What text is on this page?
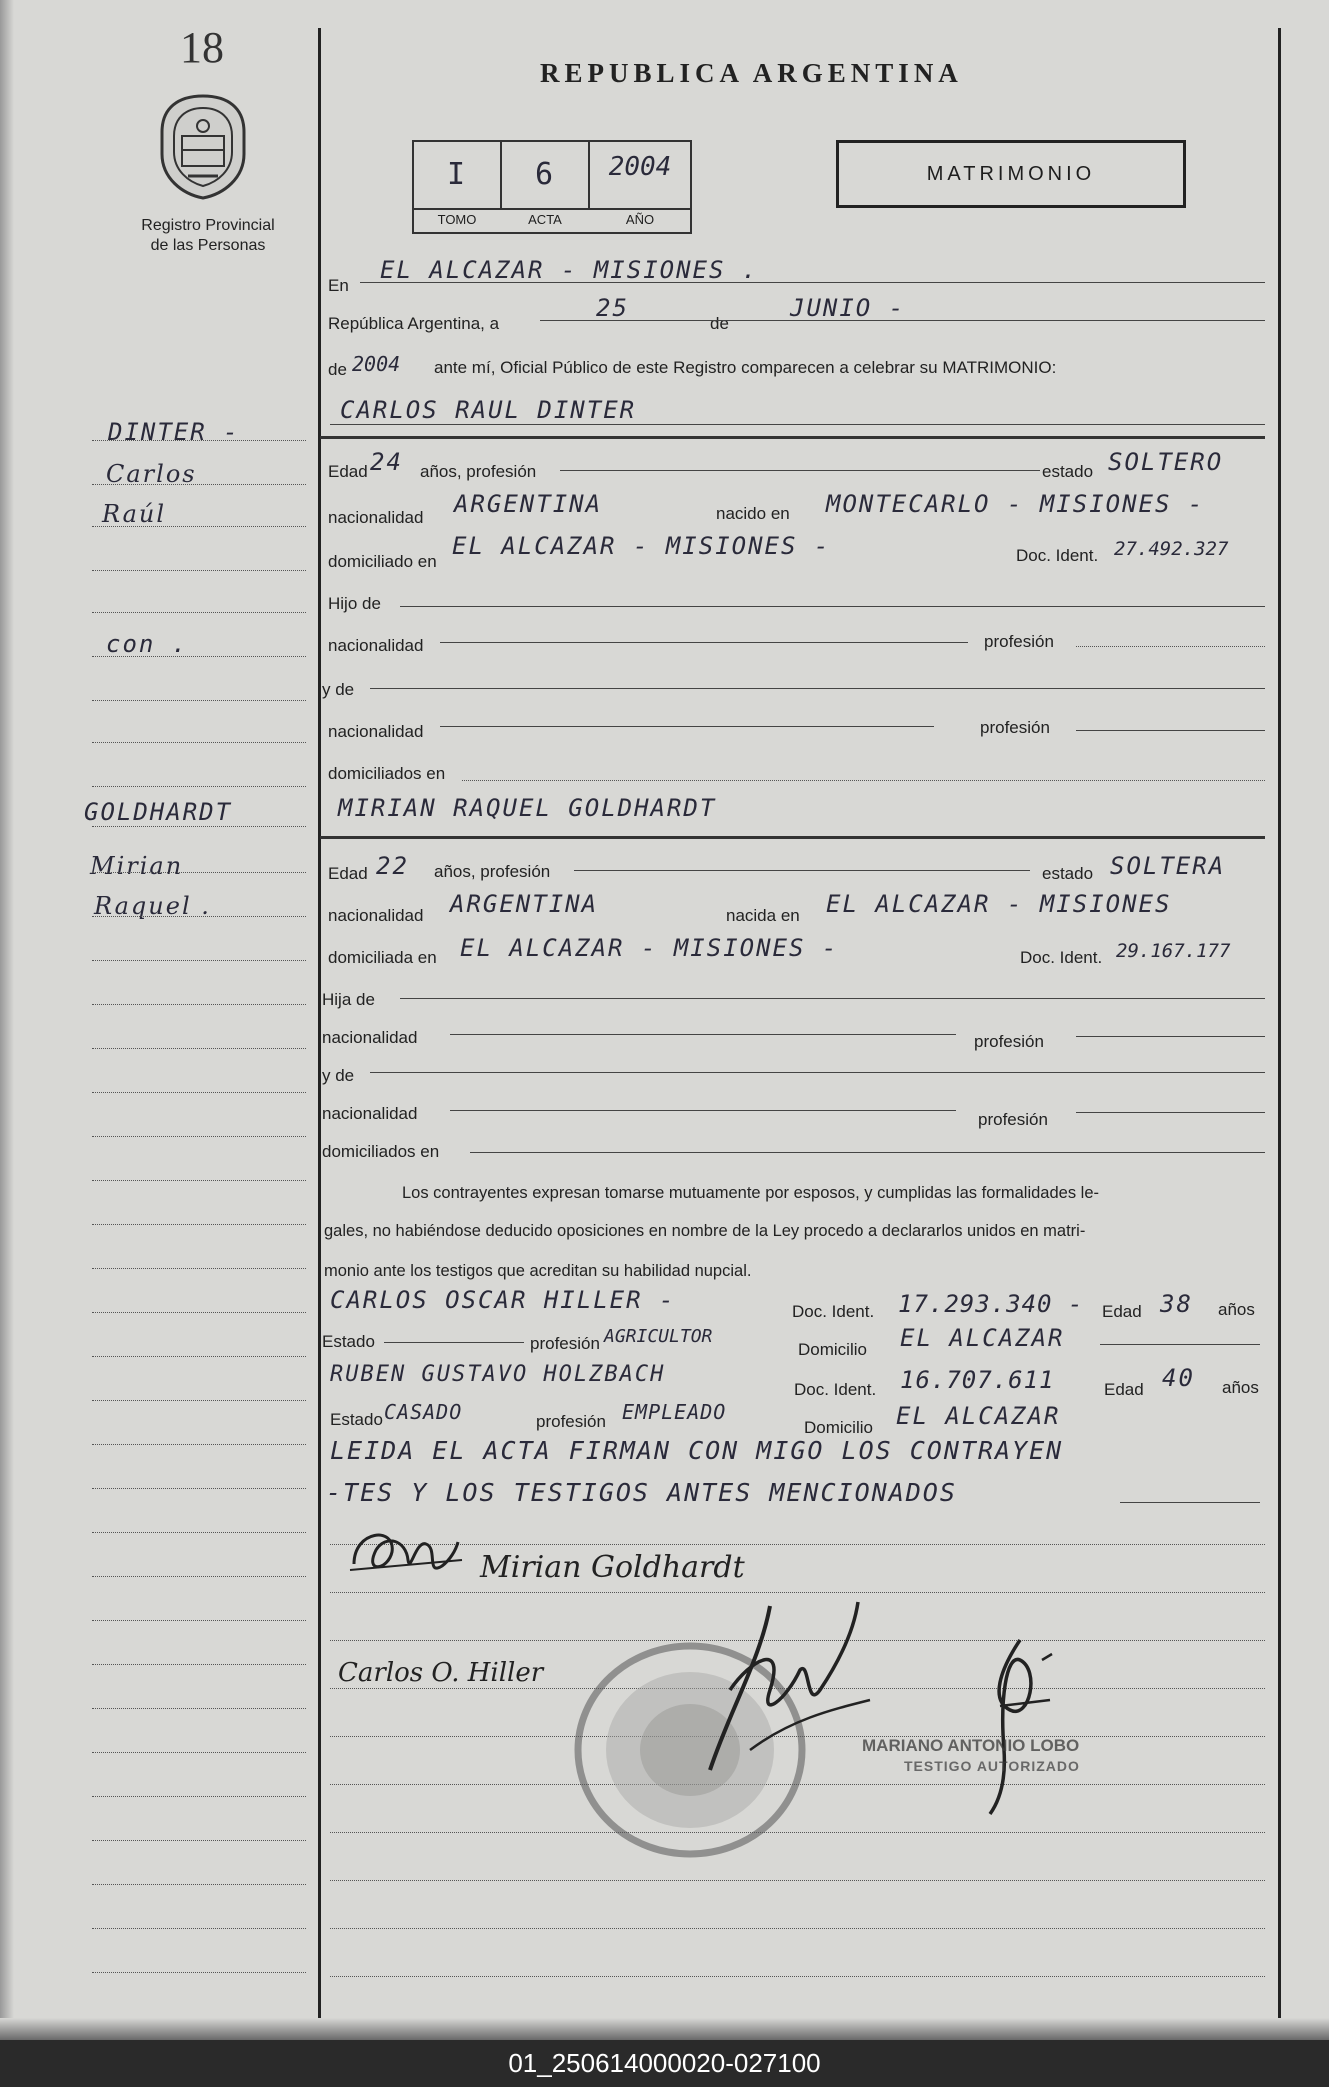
18
Registro Provincial
de las Personas
REPUBLICA ARGENTINA
I	6	2004
TOMO	ACTA	AÑO
MATRIMONIO
DINTER -
Carlos
Raúl
con .
GOLDHARDT
Mirian
Raquel .
En
EL ALCAZAR - MISIONES .
República Argentina, a
25
de
JUNIO -
de 2004 ante mí, Oficial Público de este Registro comparecen a celebrar su MATRIMONIO:
CARLOS RAUL DINTER
Edad 24 años, profesión	estado SOLTERO
nacionalidad ARGENTINA	nacido en MONTECARLO - MISIONES -
domiciliado en
EL ALCAZAR - MISIONES -	Doc. Ident. 27.492.327
Hijo de
nacionalidad	profesión
y de
nacionalidad	profesión
domiciliados en
MIRIAN RAQUEL GOLDHARDT
Edad 22 años, profesión	estado SOLTERA
nacionalidad ARGENTINA	nacida en EL ALCAZAR - MISIONES
domiciliada en EL ALCAZAR - MISIONES -	Doc. Ident. 29.167.177
Hija de
nacionalidad	profesión
y de
nacionalidad	profesión
domiciliados en
Los contrayentes expresan tomarse mutuamente por esposos, y cumplidas las formalidades le-
gales, no habiéndose deducido oposiciones en nombre de la Ley procedo a declararlos unidos en matri-
monio ante los testigos que acreditan su habilidad nupcial.
CARLOS OSCAR HILLER -	Doc. Ident. 17.293.340 - Edad 38 años
Estado	profesión AGRICULTOR
Domicilio EL ALCAZAR
RUBEN GUSTAVO HOLZBACH
Doc. Ident. 16.707.611	Edad 40 años
Estado CASADO	profesión EMPLEADO
Domicilio EL ALCAZAR
LEIDA EL ACTA FIRMAN CON MIGO LOS CONTRAYEN
-TES Y LOS TESTIGOS ANTES MENCIONADOS
Mirian Goldhardt
Carlos O. Hiller
MARIANO ANTONIO LOBO
TESTIGO AUTORIZADO
01_250614000020-027100
